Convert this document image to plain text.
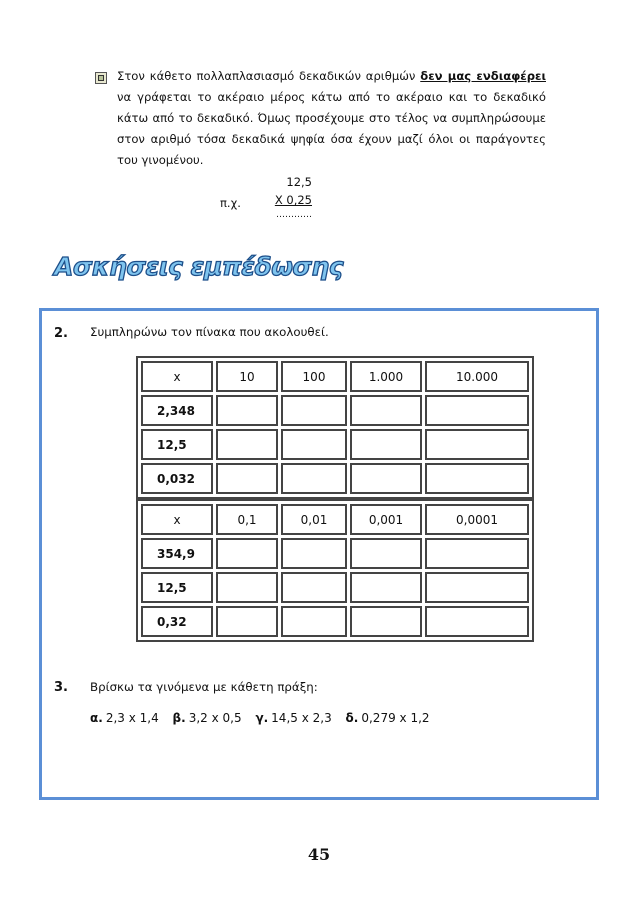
Στον κάθετο πολλαπλασιασμό δεκαδικών αριθμών δεν μας ενδιαφέρει να γράφεται το ακέραιο μέρος κάτω από το ακέραιο και το δεκαδικό κάτω από το δεκαδικό. Όμως προσέχουμε στο τέλος να συμπληρώσουμε στον αριθμό τόσα δεκαδικά ψηφία όσα έχουν μαζί όλοι οι παράγοντες του γινομένου.
π.χ.
12,5
X 0,25
…………
Ασκήσεις εμπέδωσης
2. Συμπληρώνω τον πίνακα που ακολουθεί.
x	10	100	1.000	10.000
2,348				
12,5				
0,032				
x	0,1	0,01	0,001	0,0001
354,9				
12,5				
0,32				
3. Βρίσκω τα γινόμενα με κάθετη πράξη:
α. 2,3 x 1,4 β. 3,2 x 0,5 γ. 14,5 x 2,3 δ. 0,279 x 1,2
45
